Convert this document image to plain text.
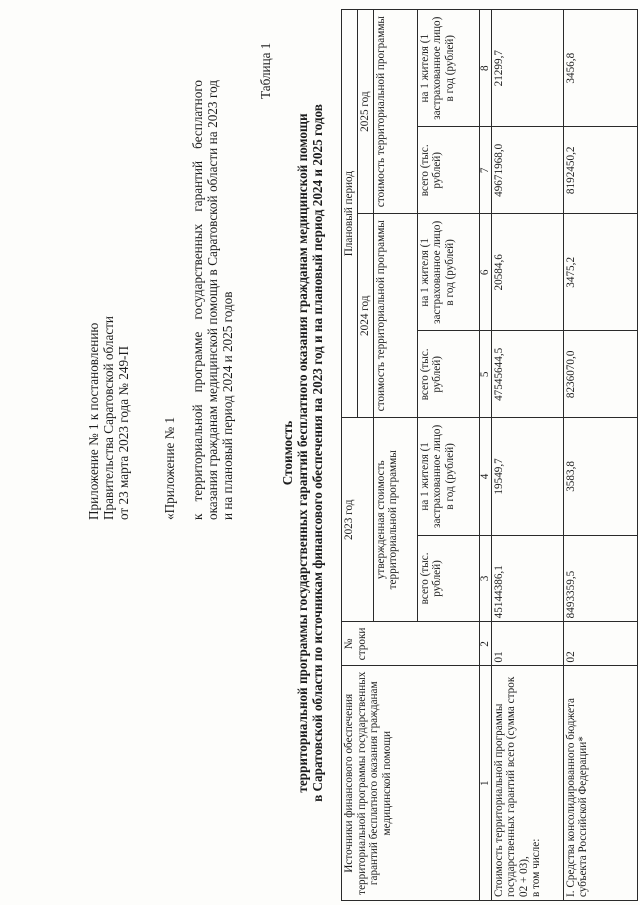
Приложение № 1 к постановлению Правительства Саратовской области от 23 марта 2023 года № 249-П «Приложение № 1 к территориальной программе государственных гарантий бесплатного оказания гражданам медицинской помощи в Саратовской области на 2023 год и на плановый период 2024 и 2025 годов
Таблица 1
Стоимость территориальной программы государственных гарантий бесплатного оказания гражданам медицинской помощи в Саратовской области по источникам финансового обеспечения на 2023 год и на плановый период 2024 и 2025 годов Источники финансового обеспечения территориальной программы государственных гарантий бесплатного оказания гражданам медицинской помощи	№ строки	2023 год		Плановый период			
				2024 год		2025 год	
		утвержденная стоимость территориальной программы		стоимость территориальной программы		стоимость территориальной программы	
		всего (тыс. рублей)	на 1 жителя (1 застрахованное лицо) в год (рублей)	всего (тыс. рублей)	на 1 жителя (1 застрахованное лицо) в год (рублей)	всего (тыс. рублей)	на 1 жителя (1 застрахованное лицо) в год (рублей)
1	2	3	4	5	6	7	8

Стоимость территориальной программы государственных гарантий всего (сумма строк 02 + 03), в том числе:	01	45144386,1	19549,7	47545644,5	20584,6	49671968,0	21299,7
I. Средства консолидированного бюджета субъекта Российской Федерации*	02	8493359,5	3583,8	8236070,0	3475,2	8192450,2	3456,8
